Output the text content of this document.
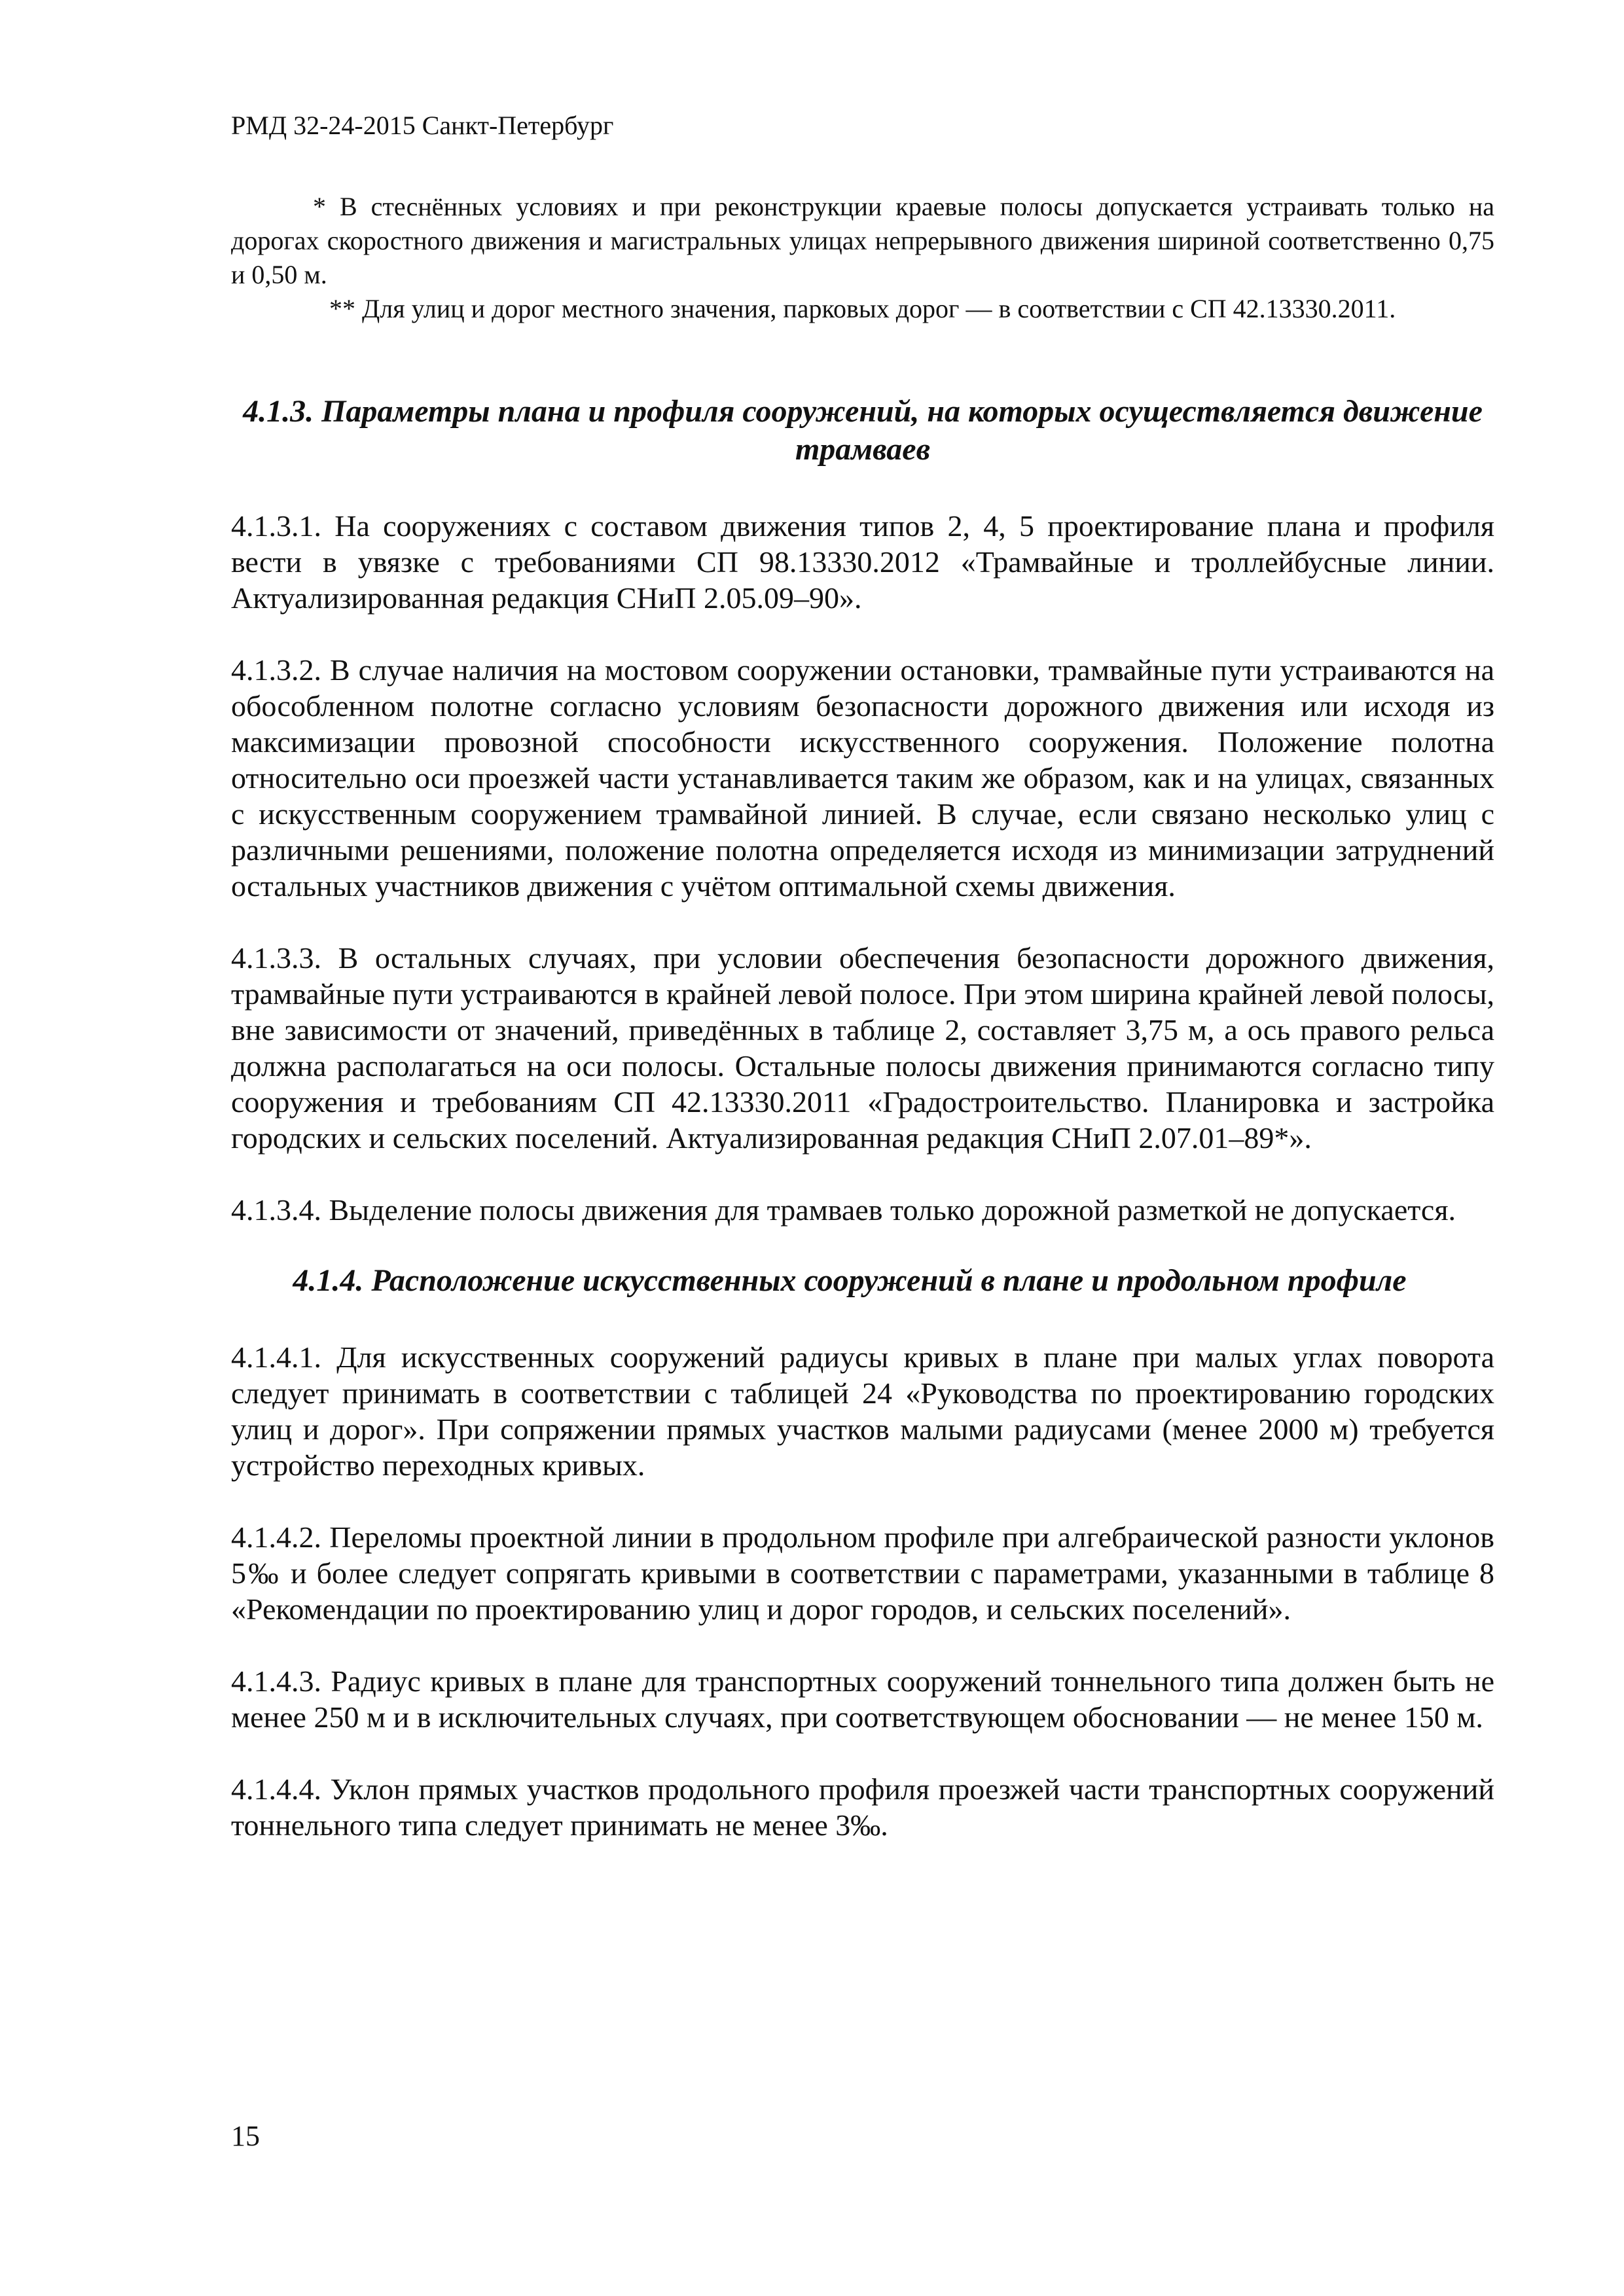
РМД 32-24-2015 Санкт-Петербург

* В стеснённых условиях и при реконструкции краевые полосы допускается устраивать только на дорогах скоростного движения и магистральных улицах непрерывного движения шириной соответственно 0,75 и 0,50 м.

** Для улиц и дорог местного значения, парковых дорог — в соответствии с СП 42.13330.2011.

4.1.3. Параметры плана и профиля сооружений, на которых осуществляется движение трамваев

4.1.3.1. На сооружениях с составом движения типов 2, 4, 5 проектирование плана и профиля вести в увязке с требованиями СП 98.13330.2012 «Трамвайные и троллейбусные линии. Актуализированная редакция СНиП 2.05.09–90».

4.1.3.2. В случае наличия на мостовом сооружении остановки, трамвайные пути устраиваются на обособленном полотне согласно условиям безопасности дорожного движения или исходя из максимизации провозной способности искусственного сооружения. Положение полотна относительно оси проезжей части устанавливается таким же образом, как и на улицах, связанных с искусственным сооружением трамвайной линией. В случае, если связано несколько улиц с различными решениями, положение полотна определяется исходя из минимизации затруднений остальных участников движения с учётом оптимальной схемы движения.

4.1.3.3. В остальных случаях, при условии обеспечения безопасности дорожного движения, трамвайные пути устраиваются в крайней левой полосе. При этом ширина крайней левой полосы, вне зависимости от значений, приведённых в таблице 2, составляет 3,75 м, а ось правого рельса должна располагаться на оси полосы. Остальные полосы движения принимаются согласно типу сооружения и требованиям СП 42.13330.2011 «Градостроительство. Планировка и застройка городских и сельских поселений. Актуализированная редакция СНиП 2.07.01–89*».

4.1.3.4. Выделение полосы движения для трамваев только дорожной разметкой не допускается.

4.1.4. Расположение искусственных сооружений в плане и продольном профиле

4.1.4.1. Для искусственных сооружений радиусы кривых в плане при малых углах поворота следует принимать в соответствии с таблицей 24 «Руководства по проектированию городских улиц и дорог». При сопряжении прямых участков малыми радиусами (менее 2000 м) требуется устройство переходных кривых.

4.1.4.2. Переломы проектной линии в продольном профиле при алгебраической разности уклонов 5‰ и более следует сопрягать кривыми в соответствии с параметрами, указанными в таблице 8 «Рекомендации по проектированию улиц и дорог городов, и сельских поселений».

4.1.4.3. Радиус кривых в плане для транспортных сооружений тоннельного типа должен быть не менее 250 м и в исключительных случаях, при соответствующем обосновании — не менее 150 м.

4.1.4.4. Уклон прямых участков продольного профиля проезжей части транспортных сооружений тоннельного типа следует принимать не менее 3‰.

15
